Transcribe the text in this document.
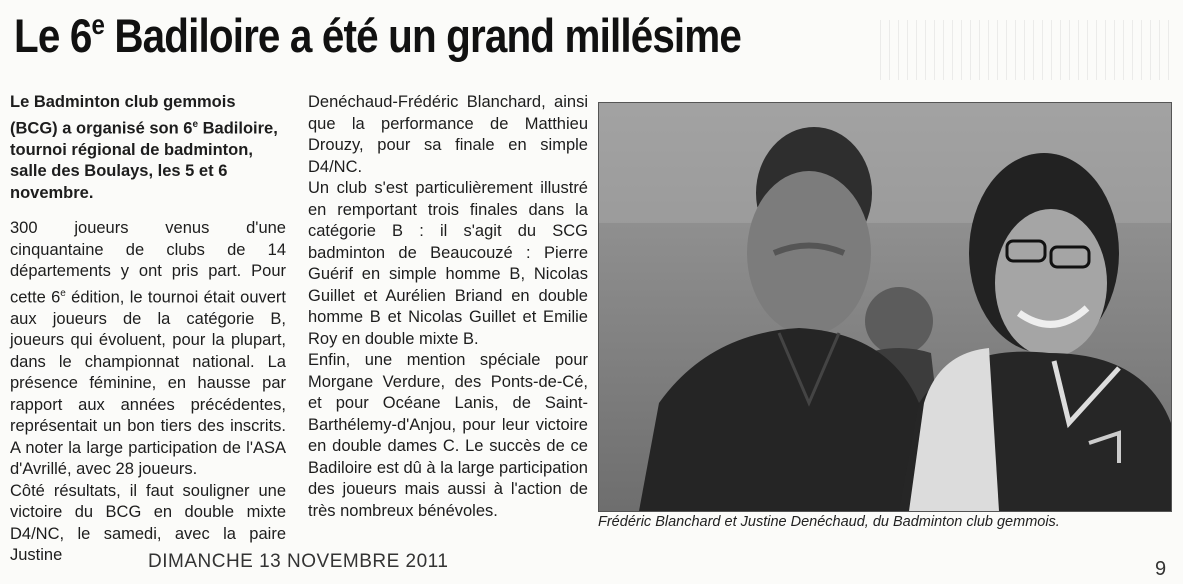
Le 6e Badiloire a été un grand millésime

Le Badminton club gemmois (BCG) a organisé son 6e Badiloire, tournoi régional de badminton, salle des Boulays, les 5 et 6 novembre.

300 joueurs venus d'une cinquantaine de clubs de 14 départements y ont pris part. Pour cette 6e édition, le tournoi était ouvert aux joueurs de la catégorie B, joueurs qui évoluent, pour la plupart, dans le championnat national. La présence féminine, en hausse par rapport aux années précédentes, représentait un bon tiers des inscrits. A noter la large participation de l'ASA d'Avrillé, avec 28 joueurs.

Côté résultats, il faut souligner une victoire du BCG en double mixte D4/NC, le samedi, avec la paire Justine

Denéchaud-Frédéric Blanchard, ainsi que la performance de Matthieu Drouzy, pour sa finale en simple D4/NC.

Un club s'est particulièrement illustré en remportant trois finales dans la catégorie B : il s'agit du SCG badminton de Beaucouzé : Pierre Guérif en simple homme B, Nicolas Guillet et Aurélien Briand en double homme B et Nicolas Guillet et Emilie Roy en double mixte B.

Enfin, une mention spéciale pour Morgane Verdure, des Ponts-de-Cé, et pour Océane Lanis, de Saint-Barthélemy-d'Anjou, pour leur victoire en double dames C. Le succès de ce Badiloire est dû à la large participation des joueurs mais aussi à l'action de très nombreux bénévoles.

Frédéric Blanchard et Justine Denéchaud, du Badminton club gemmois.
DIMANCHE 13 NOVEMBRE 2011	9
